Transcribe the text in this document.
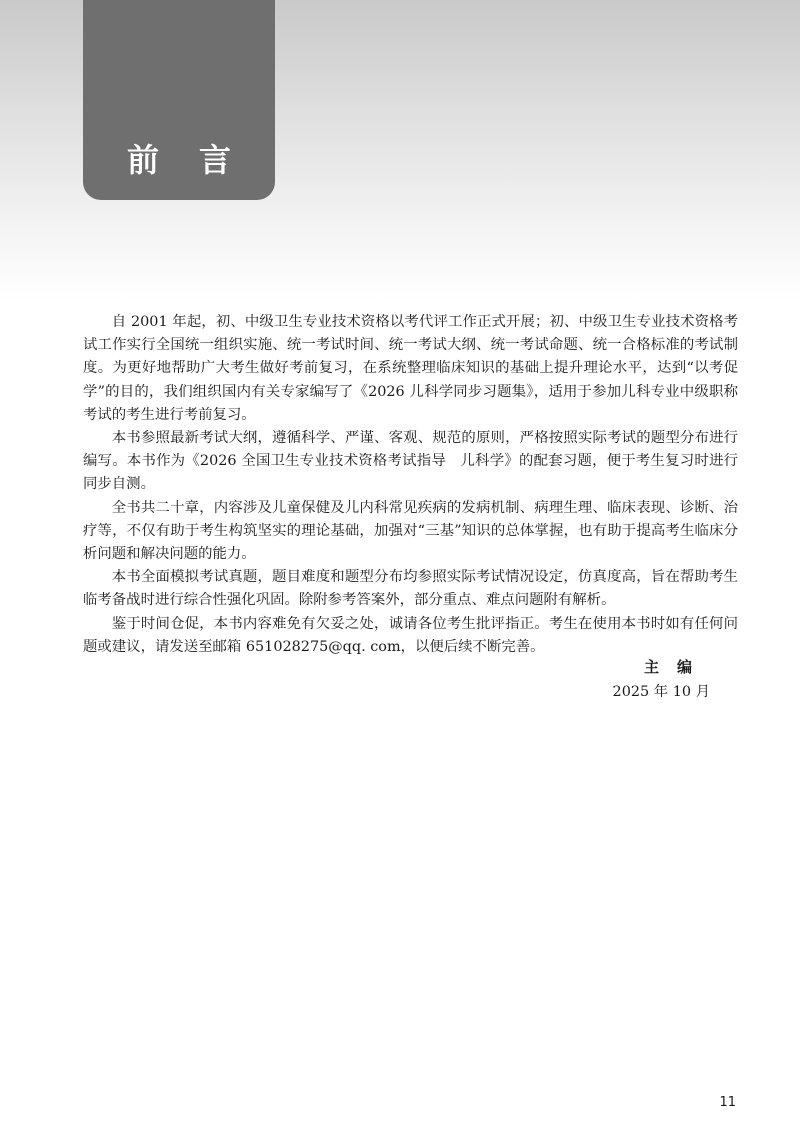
前言

自 2001 年起，初、中级卫生专业技术资格以考代评工作正式开展；初、中级卫生专业技术资格考试工作实行全国统一组织实施、统一考试时间、统一考试大纲、统一考试命题、统一合格标准的考试制度。为更好地帮助广大考生做好考前复习，在系统整理临床知识的基础上提升理论水平，达到“以考促学”的目的，我们组织国内有关专家编写了《2026 儿科学同步习题集》，适用于参加儿科专业中级职称考试的考生进行考前复习。

本书参照最新考试大纲，遵循科学、严谨、客观、规范的原则，严格按照实际考试的题型分布进行编写。本书作为《2026 全国卫生专业技术资格考试指导　儿科学》的配套习题，便于考生复习时进行同步自测。

全书共二十章，内容涉及儿童保健及儿内科常见疾病的发病机制、病理生理、临床表现、诊断、治疗等，不仅有助于考生构筑坚实的理论基础，加强对“三基”知识的总体掌握，也有助于提高考生临床分析问题和解决问题的能力。

本书全面模拟考试真题，题目难度和题型分布均参照实际考试情况设定，仿真度高，旨在帮助考生临考备战时进行综合性强化巩固。除附参考答案外，部分重点、难点问题附有解析。

鉴于时间仓促，本书内容难免有欠妥之处，诚请各位考生批评指正。考生在使用本书时如有任何问题或建议，请发送至邮箱 651028275@qq. com，以便后续不断完善。

主编
2025 年 10 月
11
